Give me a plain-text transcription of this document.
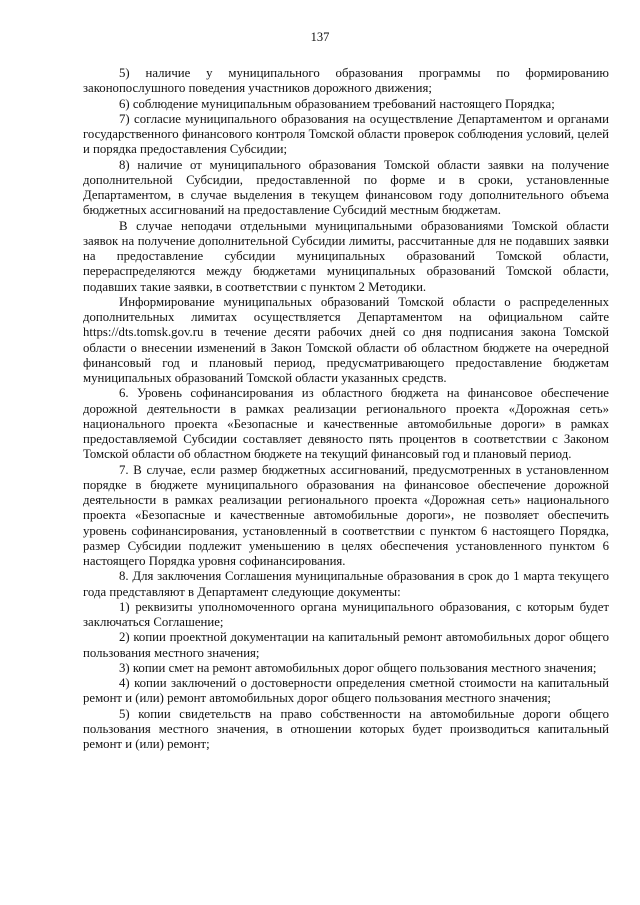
137

5) наличие у муниципального образования программы по формированию законопослушного поведения участников дорожного движения;

6) соблюдение муниципальным образованием требований настоящего Порядка;

7) согласие муниципального образования на осуществление Департаментом и органами государственного финансового контроля Томской области проверок соблюдения условий, целей и порядка предоставления Субсидии;

8) наличие от муниципального образования Томской области заявки на получение дополнительной Субсидии, предоставленной по форме и в сроки, установленные Департаментом, в случае выделения в текущем финансовом году дополнительного объема бюджетных ассигнований на предоставление Субсидий местным бюджетам.

В случае неподачи отдельными муниципальными образованиями Томской области заявок на получение дополнительной Субсидии лимиты, рассчитанные для не подавших заявки на предоставление субсидии муниципальных образований Томской области, перераспределяются между бюджетами муниципальных образований Томской области, подавших такие заявки, в соответствии с пунктом 2 Методики.

Информирование муниципальных образований Томской области о распределенных дополнительных лимитах осуществляется Департаментом на официальном сайте https://dts.tomsk.gov.ru в течение десяти рабочих дней со дня подписания закона Томской области о внесении изменений в Закон Томской области об областном бюджете на очередной финансовый год и плановый период, предусматривающего предоставление бюджетам муниципальных образований Томской области указанных средств.

6. Уровень софинансирования из областного бюджета на финансовое обеспечение дорожной деятельности в рамках реализации регионального проекта «Дорожная сеть» национального проекта «Безопасные и качественные автомобильные дороги» в рамках предоставляемой Субсидии составляет девяносто пять процентов в соответствии с Законом Томской области об областном бюджете на текущий финансовый год и плановый период.

7. В случае, если размер бюджетных ассигнований, предусмотренных в установленном порядке в бюджете муниципального образования на финансовое обеспечение дорожной деятельности в рамках реализации регионального проекта «Дорожная сеть» национального проекта «Безопасные и качественные автомобильные дороги», не позволяет обеспечить уровень софинансирования, установленный в соответствии с пунктом 6 настоящего Порядка, размер Субсидии подлежит уменьшению в целях обеспечения установленного пунктом 6 настоящего Порядка уровня софинансирования.

8. Для заключения Соглашения муниципальные образования в срок до 1 марта текущего года представляют в Департамент следующие документы:

1) реквизиты уполномоченного органа муниципального образования, с которым будет заключаться Соглашение;

2) копии проектной документации на капитальный ремонт автомобильных дорог общего пользования местного значения;

3) копии смет на ремонт автомобильных дорог общего пользования местного значения;

4) копии заключений о достоверности определения сметной стоимости на капитальный ремонт и (или) ремонт автомобильных дорог общего пользования местного значения;

5) копии свидетельств на право собственности на автомобильные дороги общего пользования местного значения, в отношении которых будет производиться капитальный ремонт и (или) ремонт;
